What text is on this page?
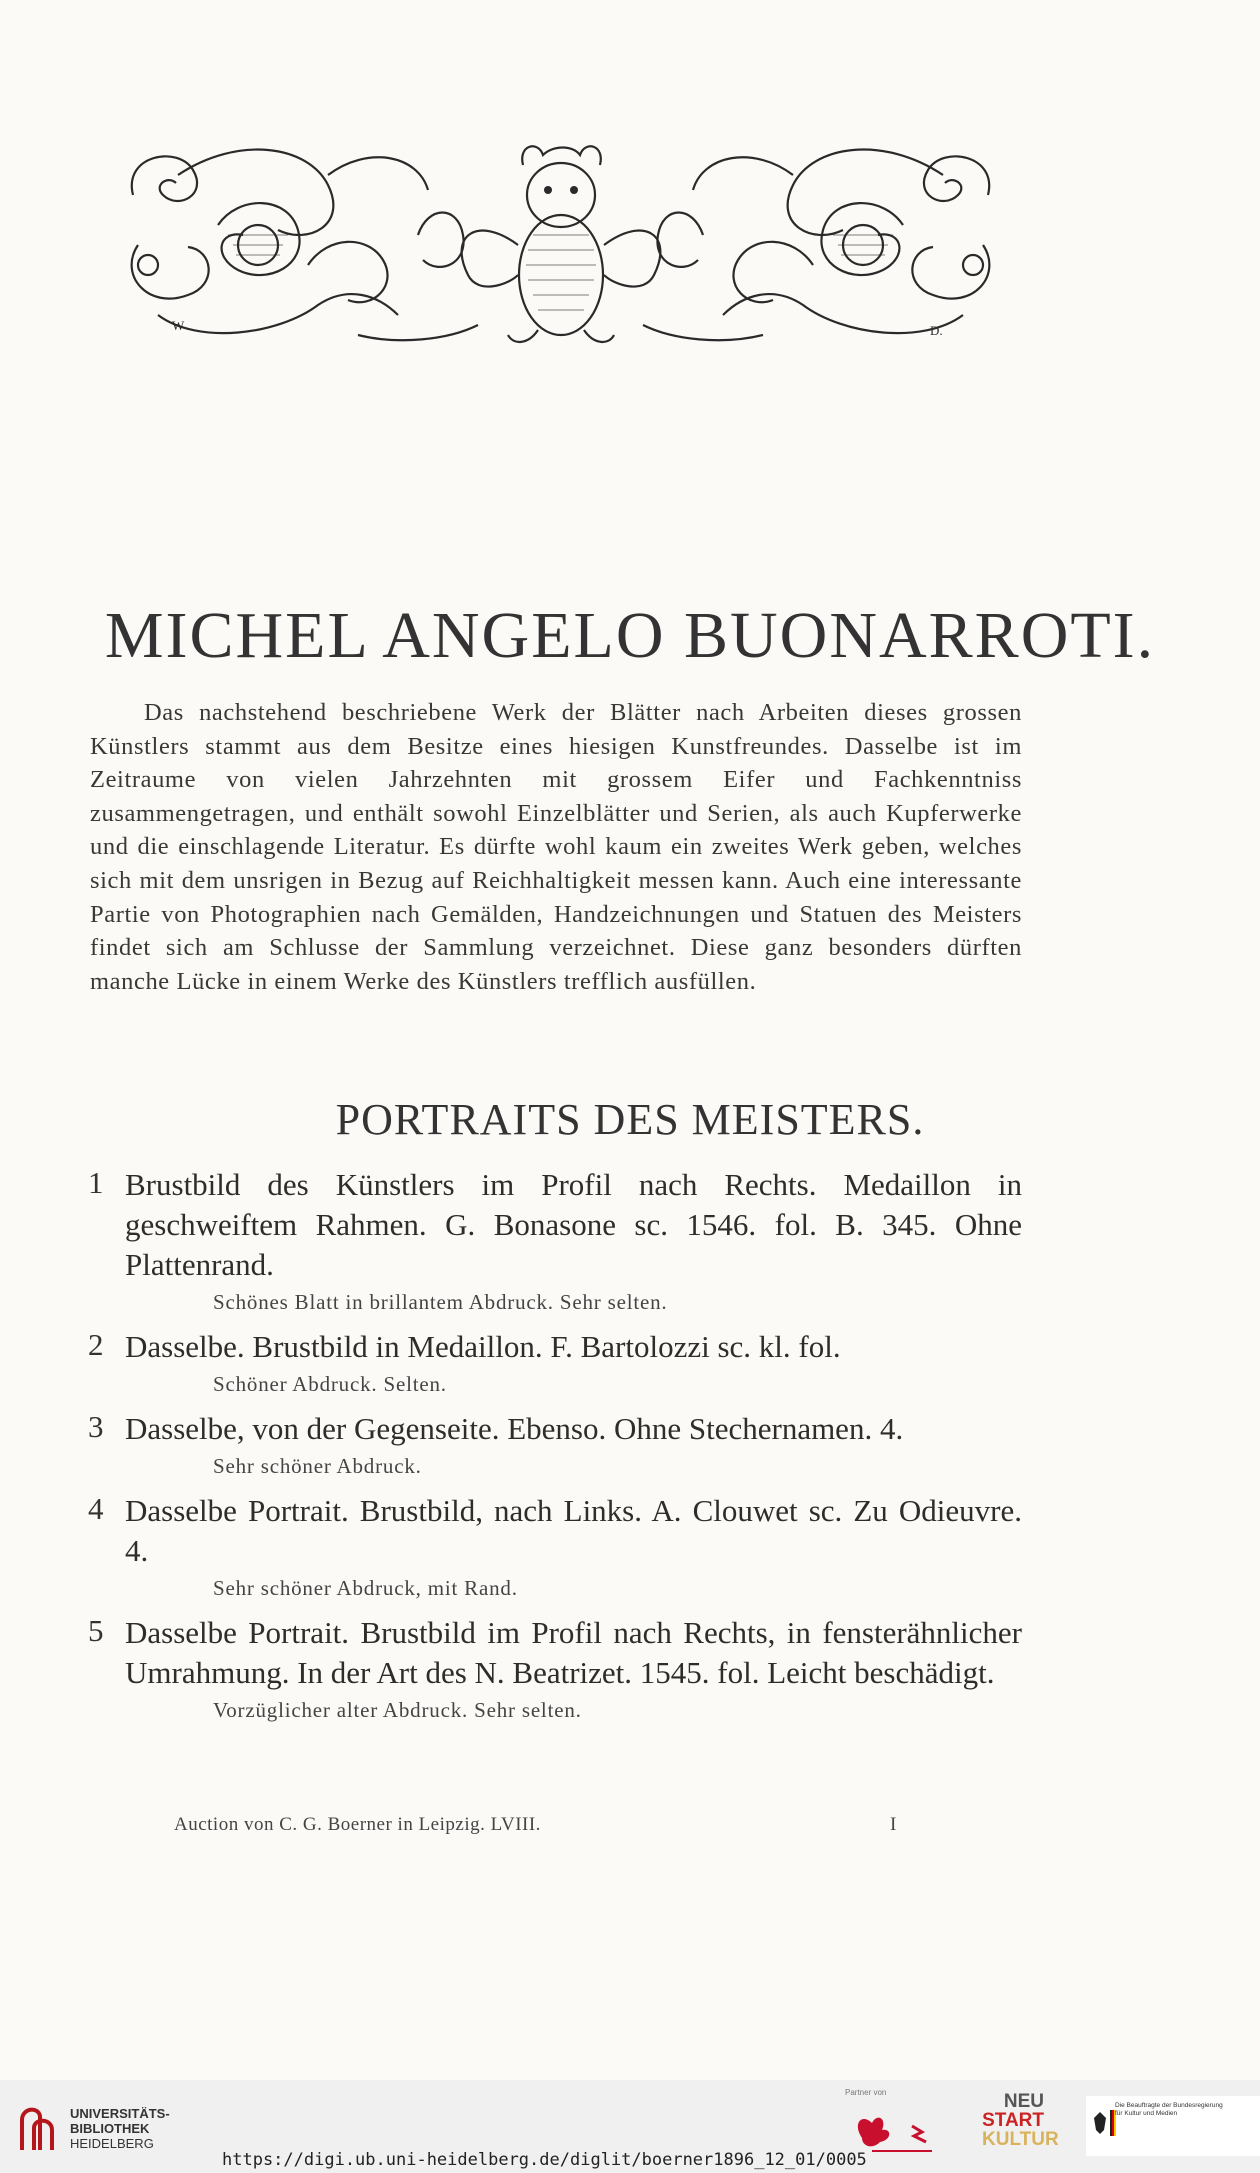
W	D.
MICHEL ANGELO BUONARROTI.

Das nachstehend beschriebene Werk der Blätter nach Arbeiten dieses grossen Künstlers stammt aus dem Besitze eines hiesigen Kunstfreundes. Dasselbe ist im Zeitraume von vielen Jahrzehnten mit grossem Eifer und Fachkenntniss zusammengetragen, und enthält sowohl Einzelblätter und Serien, als auch Kupferwerke und die einschlagende Literatur. Es dürfte wohl kaum ein zweites Werk geben, welches sich mit dem unsrigen in Bezug auf Reichhaltigkeit messen kann. Auch eine interessante Partie von Photographien nach Gemälden, Handzeichnungen und Statuen des Meisters findet sich am Schlusse der Sammlung verzeichnet. Diese ganz besonders dürften manche Lücke in einem Werke des Künstlers trefflich ausfüllen.

PORTRAITS DES MEISTERS.
1 Brustbild des Künstlers im Profil nach Rechts. Medaillon in geschweiftem Rahmen. G. Bonasone sc. 1546. fol. B. 345. Ohne Plattenrand.
Schönes Blatt in brillantem Abdruck. Sehr selten.
2 Dasselbe. Brustbild in Medaillon. F. Bartolozzi sc. kl. fol.
Schöner Abdruck. Selten.
3 Dasselbe, von der Gegenseite. Ebenso. Ohne Stechernamen. 4.
Sehr schöner Abdruck.
4 Dasselbe Portrait. Brustbild, nach Links. A. Clouwet sc. Zu Odieuvre. 4.
Sehr schöner Abdruck, mit Rand.
5 Dasselbe Portrait. Brustbild im Profil nach Rechts, in fensterähnlicher Umrahmung. In der Art des N. Beatrizet. 1545. fol. Leicht beschädigt.
Vorzüglicher alter Abdruck. Sehr selten.
Auction von C. G. Boerner in Leipzig. LVIII.	I
UNIVERSITÄTS-
BIBLIOTHEK
HEIDELBERG
https://digi.ub.uni-heidelberg.de/diglit/boerner1896_12_01/0005
Partner von	NEU
START
KULTUR
Die Beauftragte der Bundesregierung
für Kultur und Medien
